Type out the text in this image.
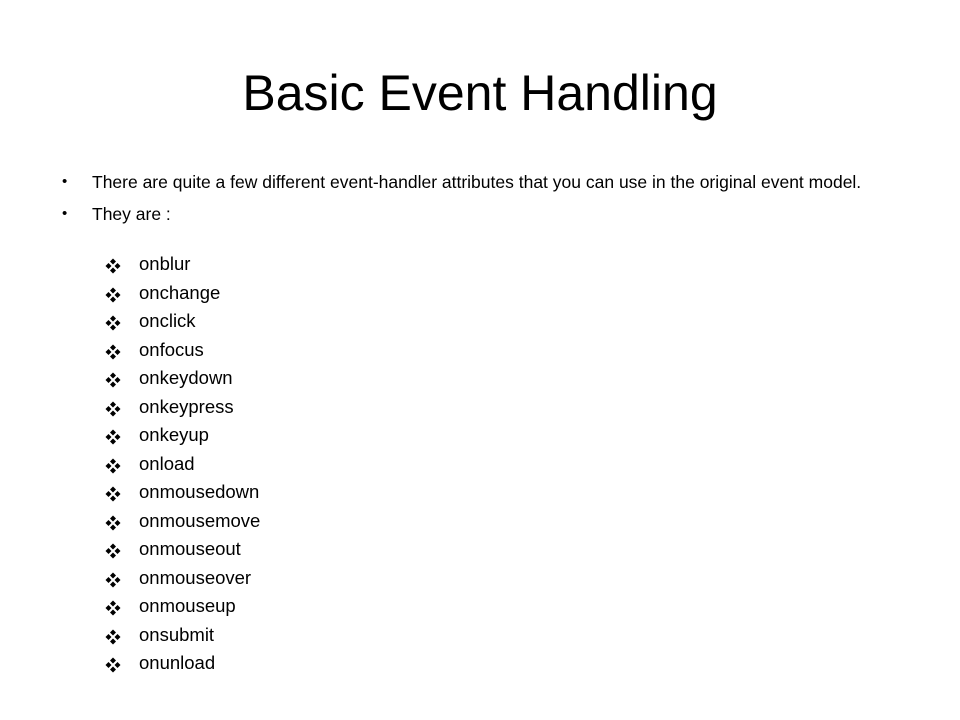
Basic Event Handling
•	There are quite a few different event-handler attributes that you can use in the original event model.
•	They are :
onblur
onchange
onclick
onfocus
onkeydown
onkeypress
onkeyup
onload
onmousedown
onmousemove
onmouseout
onmouseover
onmouseup
onsubmit
onunload
